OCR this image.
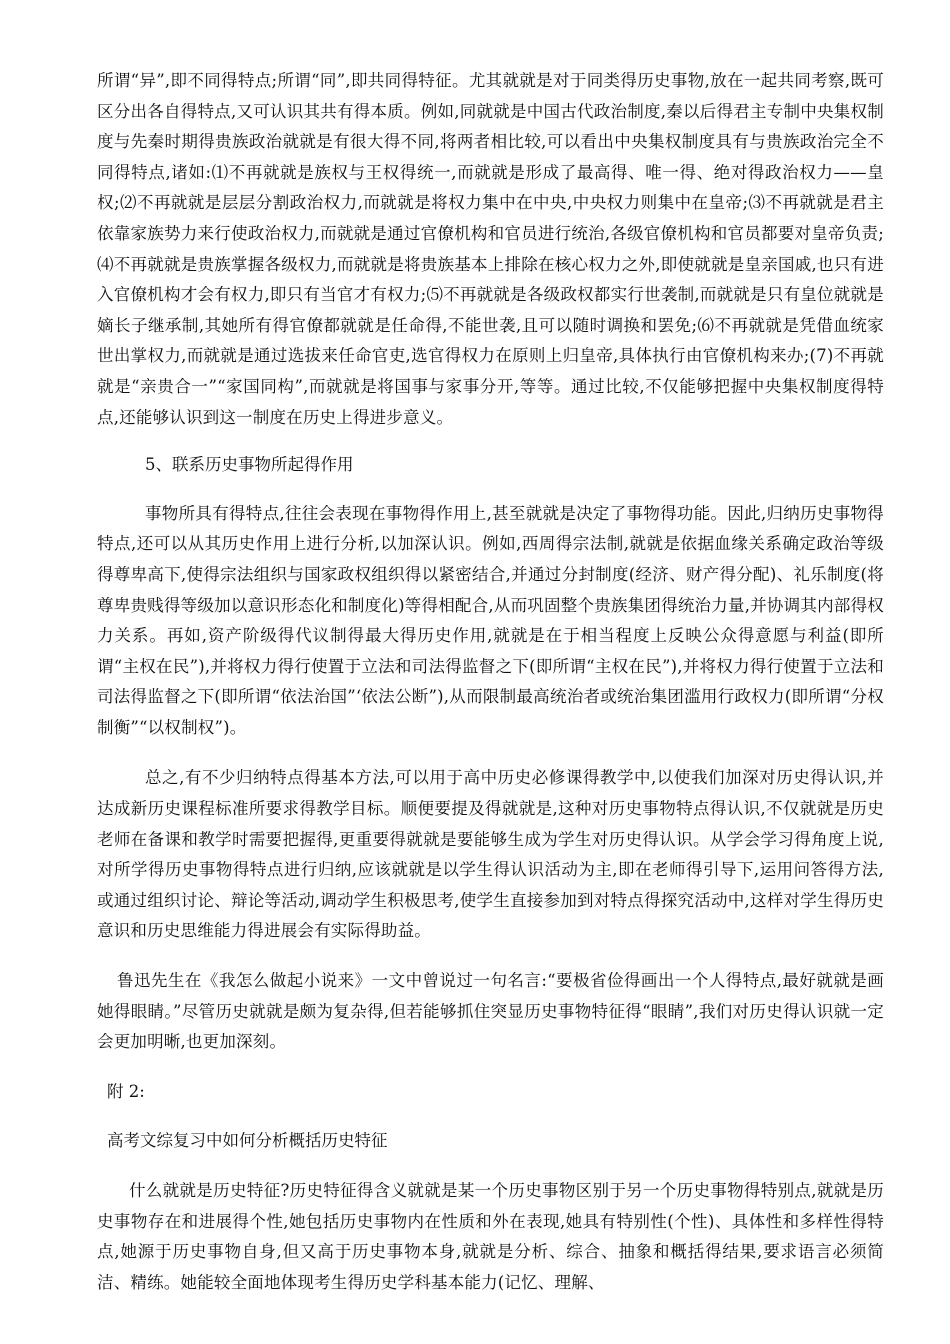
所谓“异”,即不同得特点;所谓“同”,即共同得特征。尤其就就是对于同类得历史事物,放在一起共同考察,既可区分出各自得特点,又可认识其共有得本质。例如,同就就是中国古代政治制度,秦以后得君主专制中央集权制度与先秦时期得贵族政治就就是有很大得不同,将两者相比较,可以看出中央集权制度具有与贵族政治完全不同得特点,诸如:⑴不再就就是族权与王权得统一,而就就是形成了最高得、唯一得、绝对得政治权力——皇权;⑵不再就就是层层分割政治权力,而就就是将权力集中在中央,中央权力则集中在皇帝;⑶不再就就是君主依靠家族势力来行使政治权力,而就就是通过官僚机构和官员进行统治,各级官僚机构和官员都要对皇帝负责;⑷不再就就是贵族掌握各级权力,而就就是将贵族基本上排除在核心权力之外,即使就就是皇亲国戚,也只有进入官僚机构才会有权力,即只有当官才有权力;⑸不再就就是各级政权都实行世袭制,而就就是只有皇位就就是嫡长子继承制,其她所有得官僚都就就是任命得,不能世袭,且可以随时调换和罢免;⑹不再就就是凭借血统家世出掌权力,而就就是通过选拔来任命官吏,选官得权力在原则上归皇帝,具体执行由官僚机构来办;(7)不再就就是“亲贵合一”“家国同构”,而就就是将国事与家事分开,等等。通过比较,不仅能够把握中央集权制度得特点,还能够认识到这一制度在历史上得进步意义。

5、联系历史事物所起得作用

事物所具有得特点,往往会表现在事物得作用上,甚至就就是决定了事物得功能。因此,归纳历史事物得特点,还可以从其历史作用上进行分析,以加深认识。例如,西周得宗法制,就就是依据血缘关系确定政治等级得尊卑高下,使得宗法组织与国家政权组织得以紧密结合,并通过分封制度(经济、财产得分配)、礼乐制度(将尊卑贵贱得等级加以意识形态化和制度化)等得相配合,从而巩固整个贵族集团得统治力量,并协调其内部得权力关系。再如,资产阶级得代议制得最大得历史作用,就就是在于相当程度上反映公众得意愿与利益(即所谓“主权在民”),并将权力得行使置于立法和司法得监督之下(即所谓“主权在民”),并将权力得行使置于立法和司法得监督之下(即所谓“依法治国”‘依法公断”),从而限制最高统治者或统治集团滥用行政权力(即所谓“分权制衡”“以权制权”)。

总之,有不少归纳特点得基本方法,可以用于高中历史必修课得教学中,以使我们加深对历史得认识,并达成新历史课程标准所要求得教学目标。顺便要提及得就就是,这种对历史事物特点得认识,不仅就就是历史老师在备课和教学时需要把握得,更重要得就就是要能够生成为学生对历史得认识。从学会学习得角度上说,对所学得历史事物得特点进行归纳,应该就就是以学生得认识活动为主,即在老师得引导下,运用问答得方法,或通过组织讨论、辩论等活动,调动学生积极思考,使学生直接参加到对特点得探究活动中,这样对学生得历史意识和历史思维能力得进展会有实际得助益。

鲁迅先生在《我怎么做起小说来》一文中曾说过一句名言:“要极省俭得画出一个人得特点,最好就就是画她得眼睛。”尽管历史就就是颇为复杂得,但若能够抓住突显历史事物特征得“眼睛”,我们对历史得认识就一定会更加明晰,也更加深刻。

附 2:

高考文综复习中如何分析概括历史特征

什么就就是历史特征?历史特征得含义就就是某一个历史事物区别于另一个历史事物得特别点,就就是历史事物存在和进展得个性,她包括历史事物内在性质和外在表现,她具有特别性(个性)、具体性和多样性得特点,她源于历史事物自身,但又高于历史事物本身,就就是分析、综合、抽象和概括得结果,要求语言必须简洁、精练。她能较全面地体现考生得历史学科基本能力(记忆、理解、
